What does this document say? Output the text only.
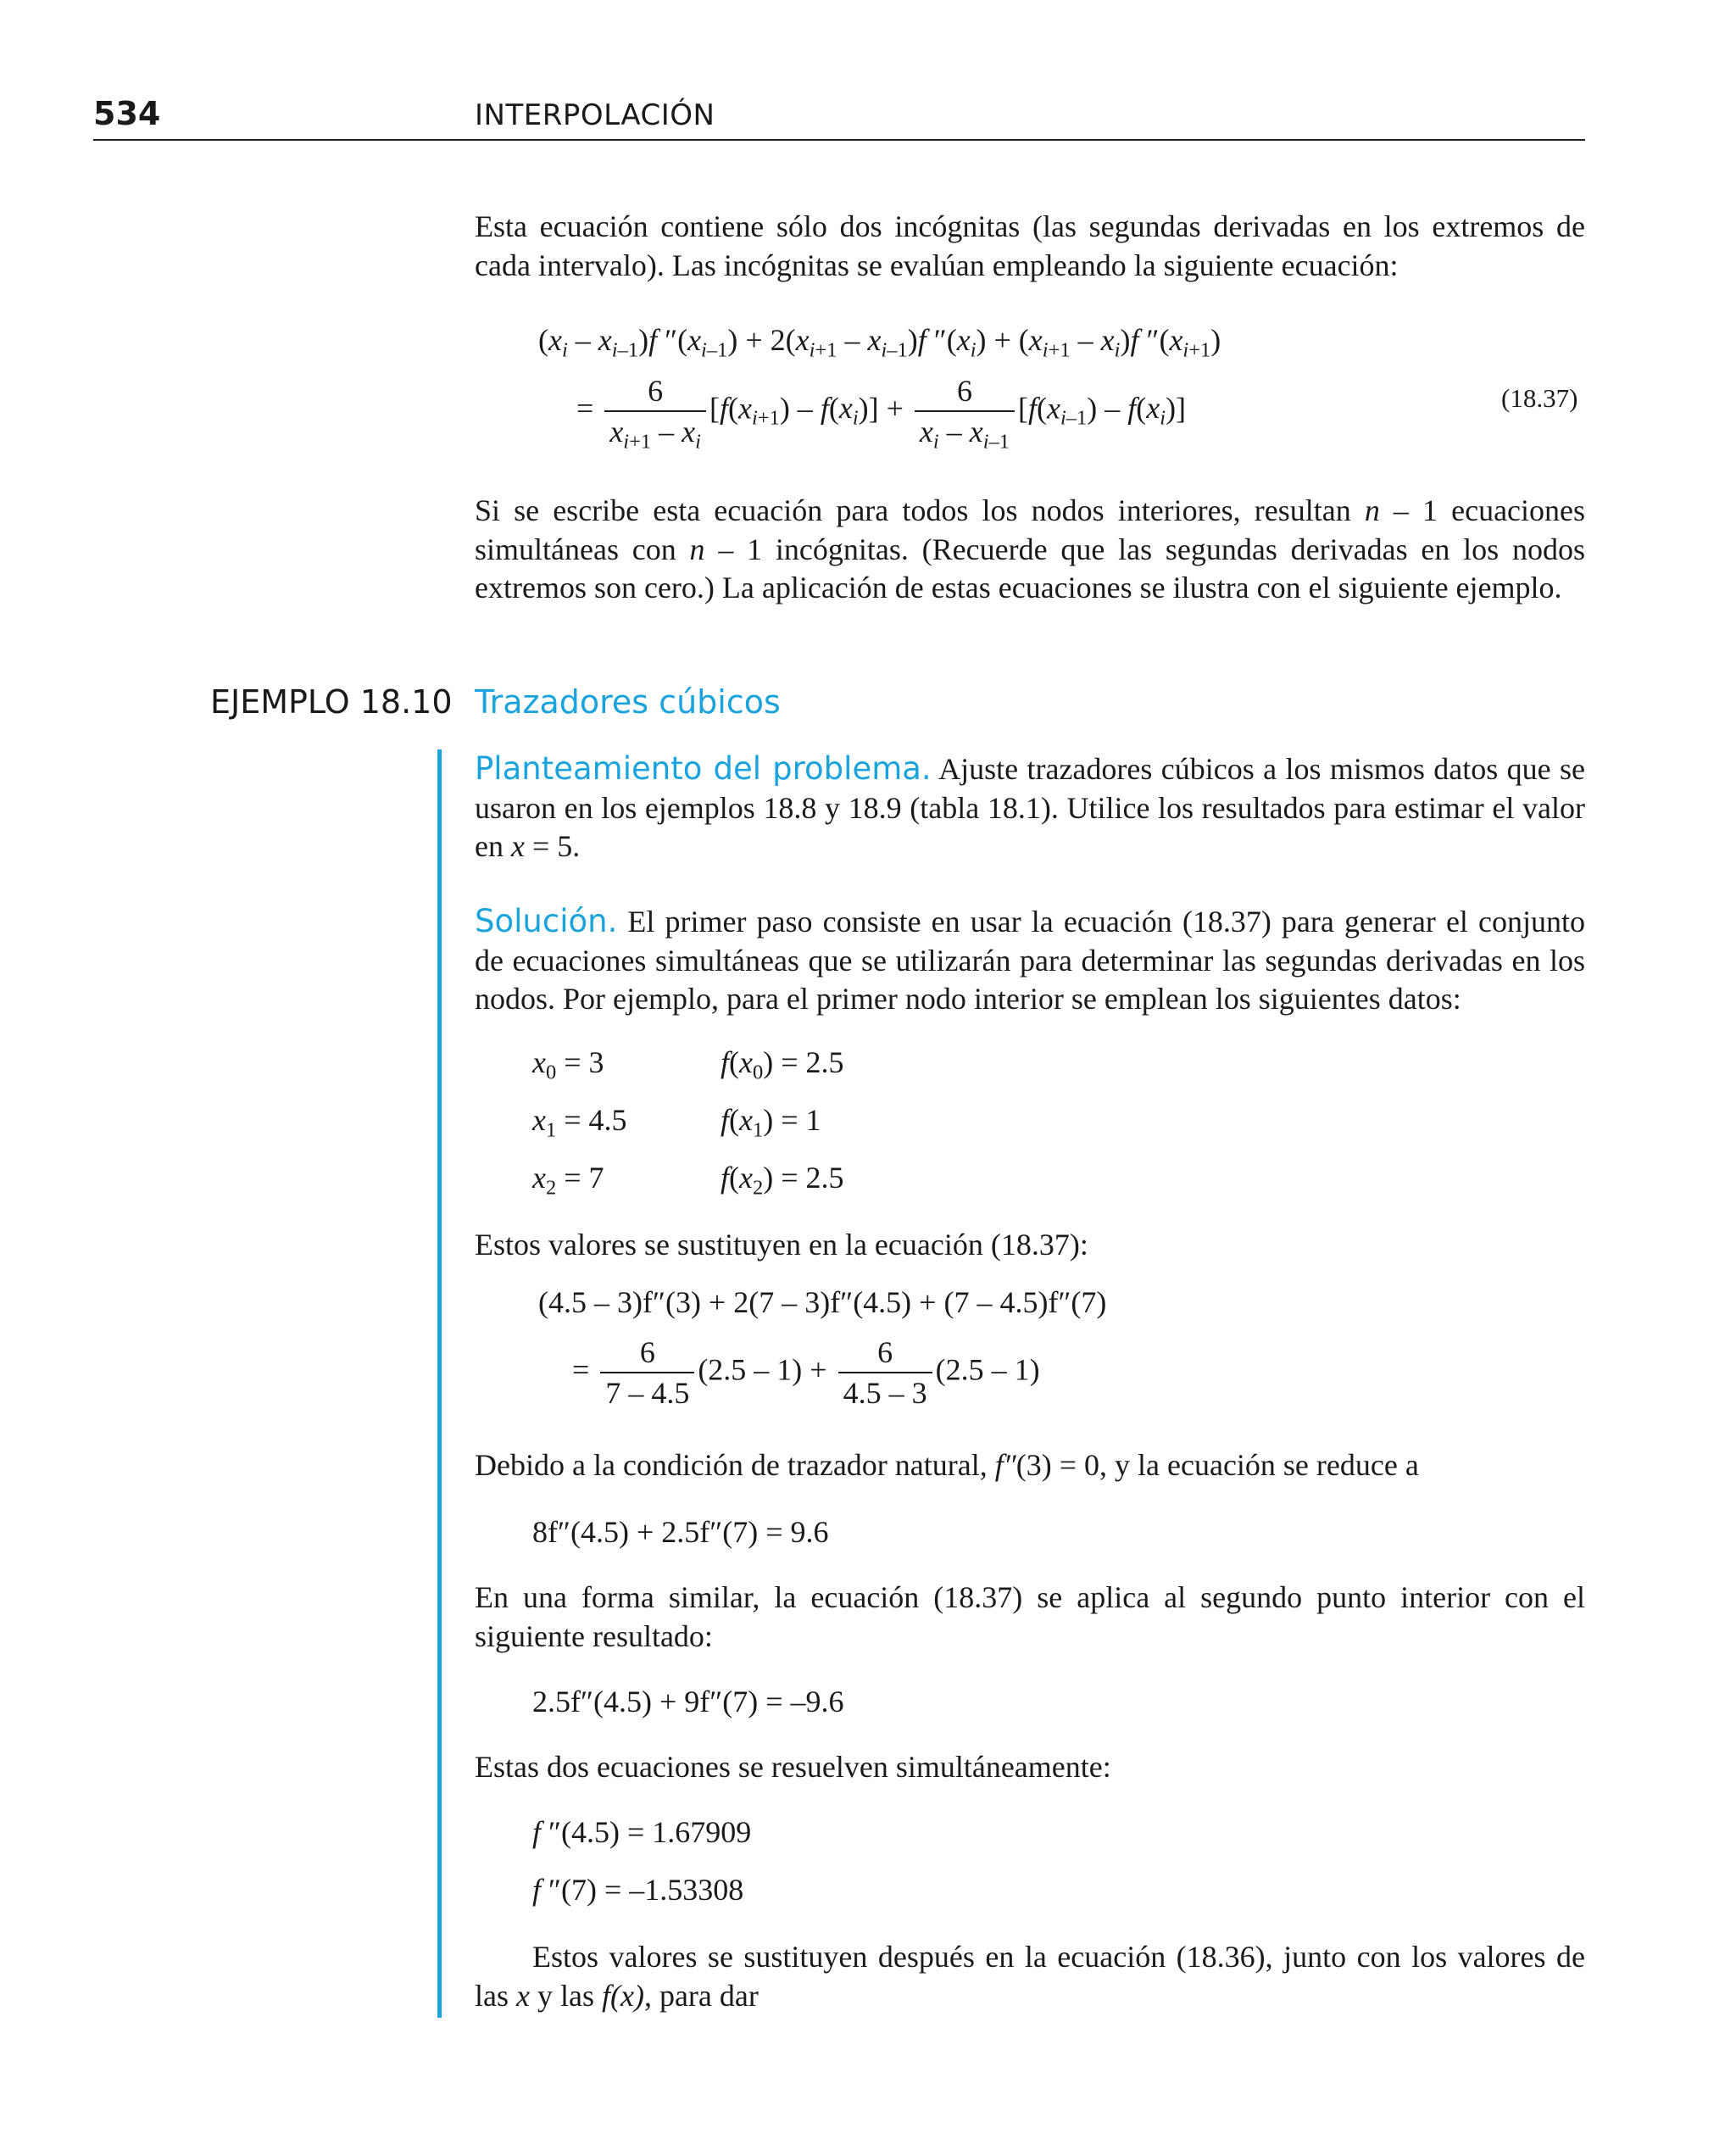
534	INTERPOLACIÓN

Esta ecuación contiene sólo dos incógnitas (las segundas derivadas en los extremos de cada intervalo). Las incógnitas se evalúan empleando la siguiente ecuación:

$(x_i - x_{i-1})f$ $''(x_{i-1}) + 2(x_{i+1} - x_{i-1})f$ $''(x_i) + (x_{i+1} - x_i)f$ $''(x_{i+1})$
= $\frac{6}{x_{i+1} - x_i} [f(x_{i+1}) - f(x_i)] + \frac{6}{x_i - x_{i-1}} [f(x_{i-1}) - f(x_i)]$	(18.37)

Si se escribe esta ecuación para todos los nodos interiores, resultan n – 1 ecuaciones simultáneas con n – 1 incógnitas. (Recuerde que las segundas derivadas en los nodos extremos son cero.) La aplicación de estas ecuaciones se ilustra con el siguiente ejemplo.

EJEMPLO 18.10 Trazadores cúbicos

Planteamiento del problema. Ajuste trazadores cúbicos a los mismos datos que se usaron en los ejemplos 18.8 y 18.9 (tabla 18.1). Utilice los resultados para estimar el valor en x = 5.

Solución. El primer paso consiste en usar la ecuación (18.37) para generar el conjunto de ecuaciones simultáneas que se utilizarán para determinar las segundas derivadas en los nodos. Por ejemplo, para el primer nodo interior se emplean los siguientes datos:

$x_0 = 3$	$f(x_0) = 2.5$
$x_1 = 4.5$	$f(x_1) = 1$
$x_2 = 7$	$f(x_2) = 2.5$

Estos valores se sustituyen en la ecuación (18.37):

(4.5 – 3)f″(3) + 2(7 – 3)f″(4.5) + (7 – 4.5)f″(7)
= $\frac{6}{7 - 4.5} (2.5 - 1) + \frac{6}{4.5 - 3} (2.5 - 1)$

Debido a la condición de trazador natural, f″(3) = 0, y la ecuación se reduce a

8f″(4.5) + 2.5f″(7) = 9.6

En una forma similar, la ecuación (18.37) se aplica al segundo punto interior con el siguiente resultado:

2.5f″(4.5) + 9f″(7) = –9.6

Estas dos ecuaciones se resuelven simultáneamente:

f ″(4.5) = 1.67909
f ″(7) = –1.53308

Estos valores se sustituyen después en la ecuación (18.36), junto con los valores de las x y las f(x), para dar
